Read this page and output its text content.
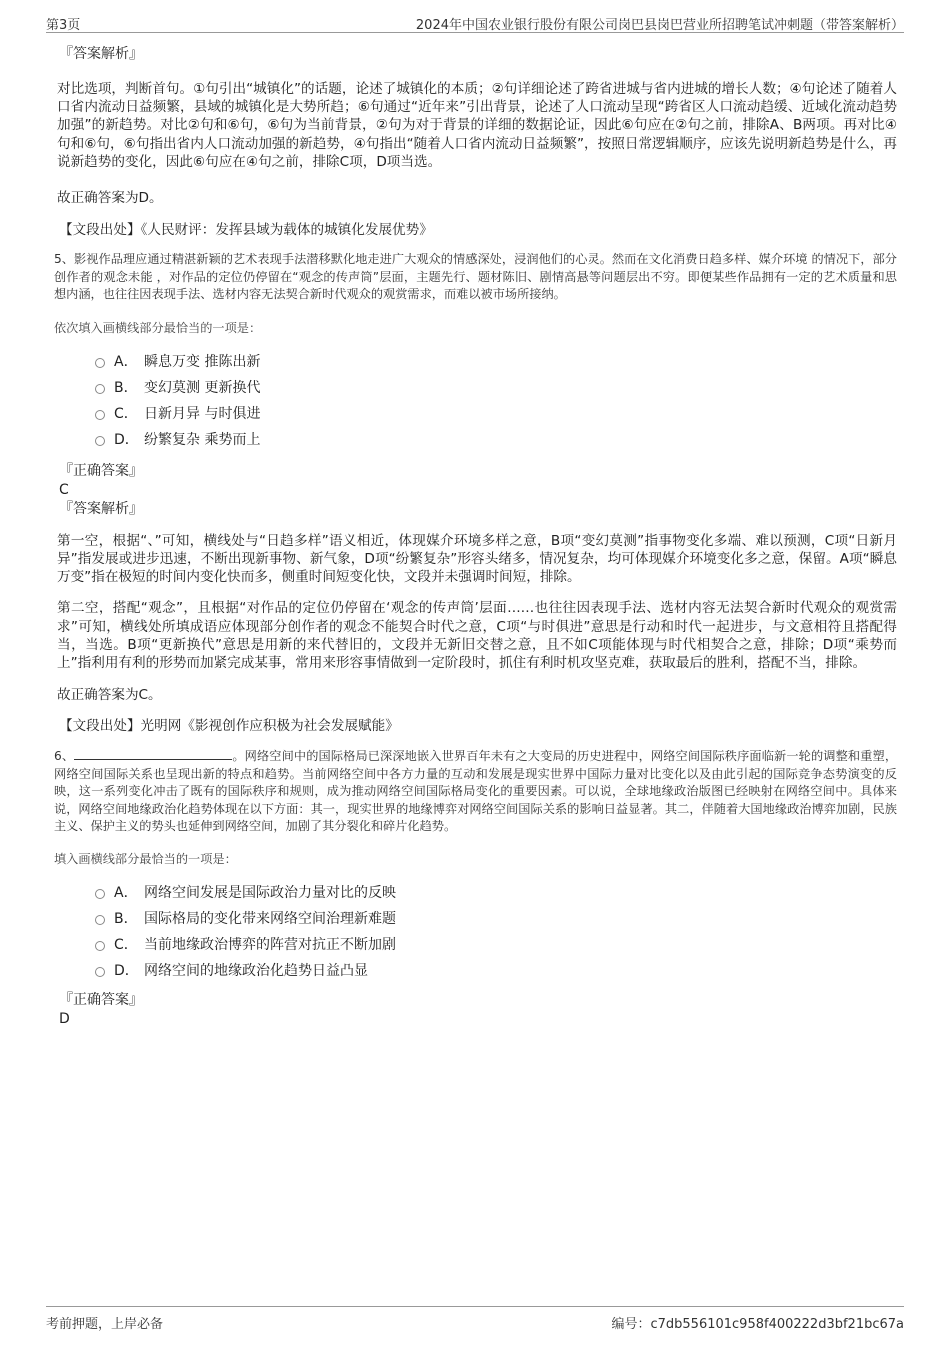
第3页	2024年中国农业银行股份有限公司岗巴县岗巴营业所招聘笔试冲刺题（带答案解析）

『答案解析』

对比选项，判断首句。①句引出“城镇化”的话题，论述了城镇化的本质；②句详细论述了跨省进城与省内进城的增长人数；④句论述了随着人口省内流动日益频繁，县域的城镇化是大势所趋；⑥句通过“近年来”引出背景，论述了人口流动呈现“跨省区人口流动趋缓、近域化流动趋势加强”的新趋势。对比②句和⑥句，⑥句为当前背景，②句为对于背景的详细的数据论证，因此⑥句应在②句之前，排除A、B两项。再对比④句和⑥句，⑥句指出省内人口流动加强的新趋势，④句指出“随着人口省内流动日益频繁”，按照日常逻辑顺序，应该先说明新趋势是什么，再说新趋势的变化，因此⑥句应在④句之前，排除C项，D项当选。

故正确答案为D。

【文段出处】《人民财评：发挥县域为载体的城镇化发展优势》

5、影视作品理应通过精湛新颖的艺术表现手法潜移默化地走进广大观众的情感深处，浸润他们的心灵。然而在文化消费日趋多样、媒介环境 的情况下，部分创作者的观念未能 ，对作品的定位仍停留在“观念的传声筒”层面，主题先行、题材陈旧、剧情高悬等问题层出不穷。即便某些作品拥有一定的艺术质量和思想内涵，也往往因表现手法、选材内容无法契合新时代观众的观赏需求，而难以被市场所接纳。

依次填入画横线部分最恰当的一项是：

A． 瞬息万变 推陈出新
B． 变幻莫测 更新换代
C． 日新月异 与时俱进
D． 纷繁复杂 乘势而上

『正确答案』

C

『答案解析』

第一空，根据“、”可知，横线处与“日趋多样”语义相近，体现媒介环境多样之意，B项“变幻莫测”指事物变化多端、难以预测，C项“日新月异”指发展或进步迅速，不断出现新事物、新气象，D项“纷繁复杂”形容头绪多，情况复杂，均可体现媒介环境变化多之意，保留。A项“瞬息万变”指在极短的时间内变化快而多，侧重时间短变化快，文段并未强调时间短，排除。

第二空，搭配“观念”，且根据“对作品的定位仍停留在‘观念的传声筒’层面……也往往因表现手法、选材内容无法契合新时代观众的观赏需求”可知，横线处所填成语应体现部分创作者的观念不能契合时代之意，C项“与时俱进”意思是行动和时代一起进步，与文意相符且搭配得当，当选。B项“更新换代”意思是用新的来代替旧的，文段并无新旧交替之意，且不如C项能体现与时代相契合之意，排除；D项“乘势而上”指利用有利的形势而加紧完成某事，常用来形容事情做到一定阶段时，抓住有利时机攻坚克难，获取最后的胜利，搭配不当，排除。

故正确答案为C。

【文段出处】光明网《影视创作应积极为社会发展赋能》

6、	。网络空间中的国际格局已深深地嵌入世界百年未有之大变局的历史进程中，网络空间国际秩序面临新一轮的调整和重塑，网络空间国际关系也呈现出新的特点和趋势。当前网络空间中各方力量的互动和发展是现实世界中国际力量对比变化以及由此引起的国际竞争态势演变的反映，这一系列变化冲击了既有的国际秩序和规则，成为推动网络空间国际格局变化的重要因素。可以说，全球地缘政治版图已经映射在网络空间中。具体来说，网络空间地缘政治化趋势体现在以下方面：其一，现实世界的地缘博弈对网络空间国际关系的影响日益显著。其二，伴随着大国地缘政治博弈加剧，民族主义、保护主义的势头也延伸到网络空间，加剧了其分裂化和碎片化趋势。

填入画横线部分最恰当的一项是：

A． 网络空间发展是国际政治力量对比的反映
B． 国际格局的变化带来网络空间治理新难题
C． 当前地缘政治博弈的阵营对抗正不断加剧
D． 网络空间的地缘政治化趋势日益凸显

『正确答案』

D

考前押题，上岸必备	编号：c7db556101c958f400222d3bf21bc67a
